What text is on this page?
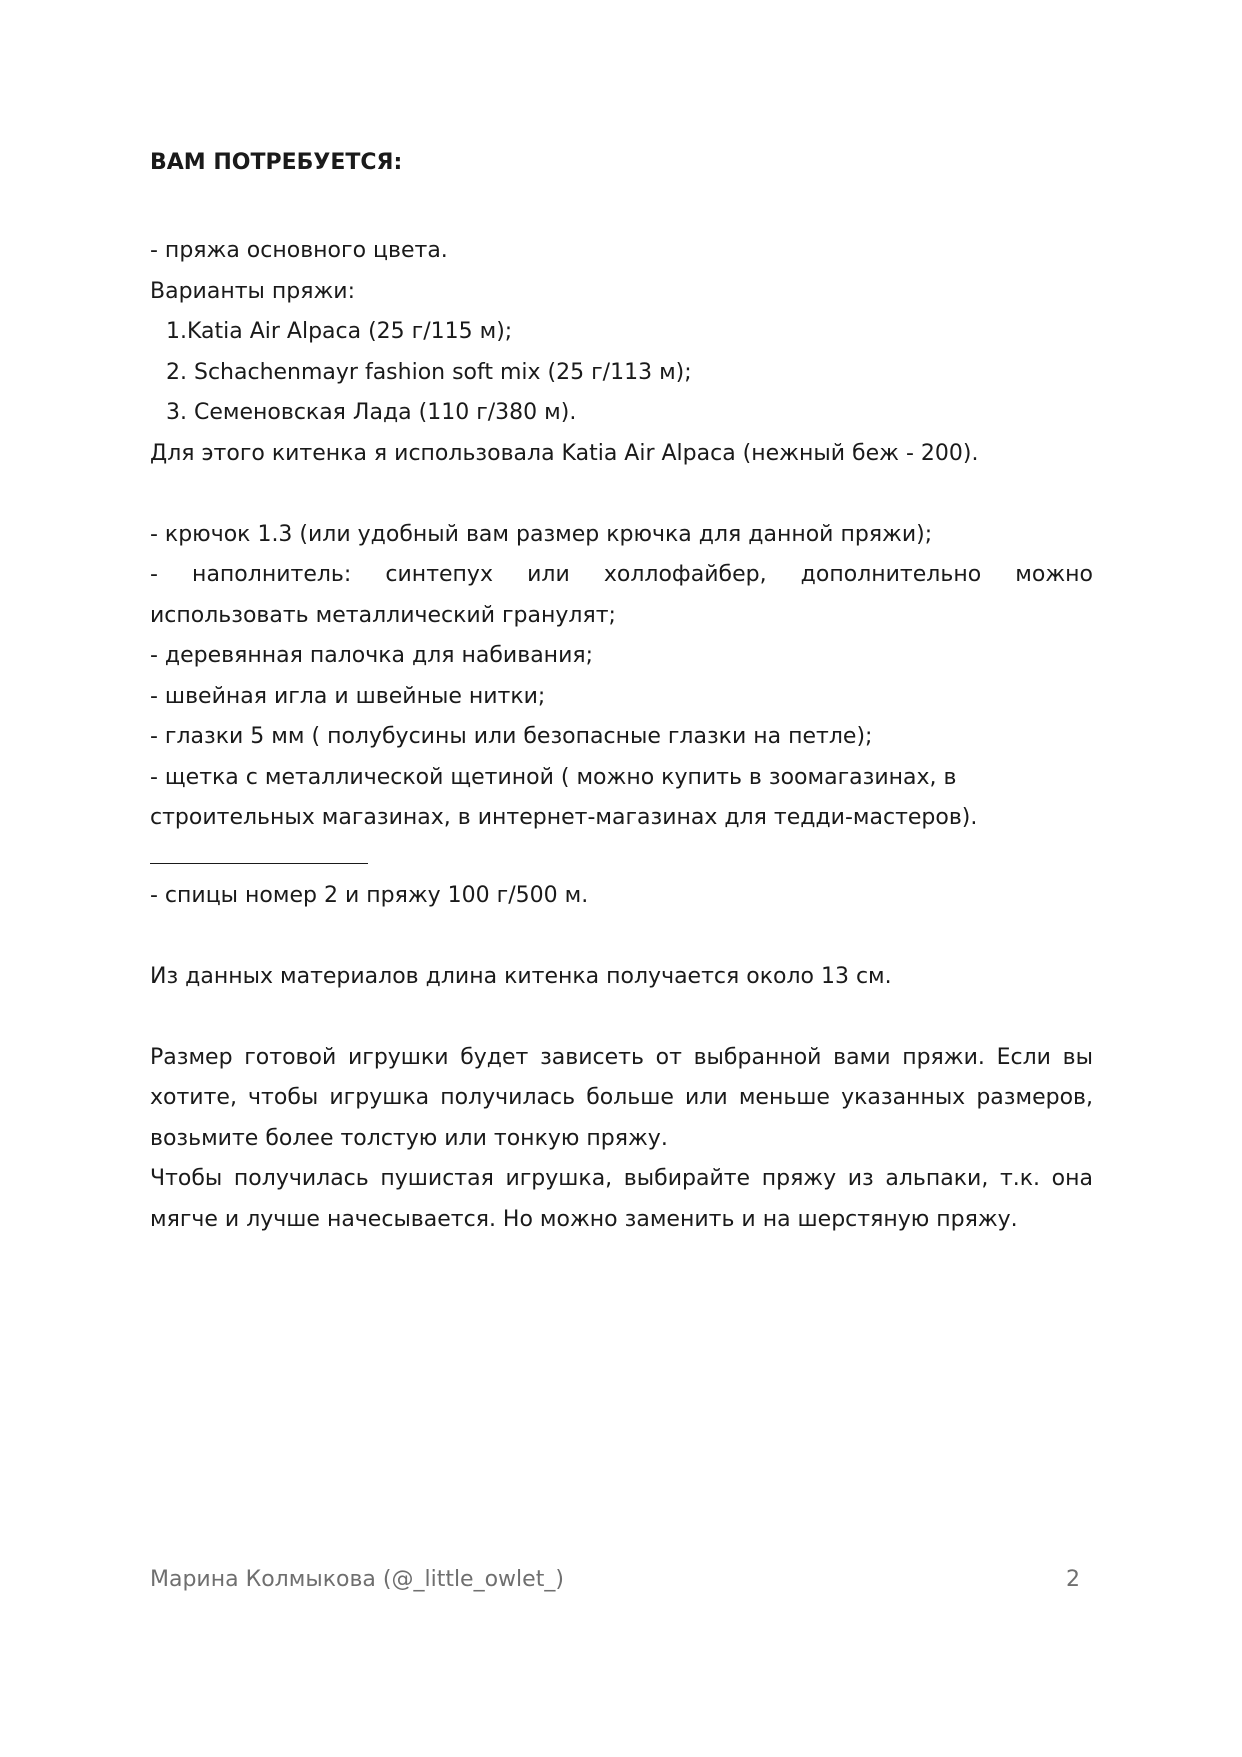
ВАМ ПОТРЕБУЕТСЯ:
- пряжа основного цвета.
Варианты пряжи:
1.Katia Air Alpaca (25 г/115 м);
2. Schachenmayr fashion soft mix (25 г/113 м);
3. Семеновская Лада (110 г/380 м).
Для этого китенка я использовала Katia Air Alpaca (нежный беж - 200).
- крючок 1.3 (или удобный вам размер крючка для данной пряжи);
- наполнитель: синтепух или холлофайбер, дополнительно можно
использовать металлический гранулят;
- деревянная палочка для набивания;
- швейная игла и швейные нитки;
- глазки 5 мм ( полубусины или безопасные глазки на петле);
- щетка с металлической щетиной ( можно купить в зоомагазинах, в
строительных магазинах, в интернет-магазинах для тедди-мастеров).
- спицы номер 2 и пряжу 100 г/500 м.
Из данных материалов длина китенка получается около 13 см.
Размер готовой игрушки будет зависеть от выбранной вами пряжи. Если вы хотите, чтобы игрушка получилась больше или меньше указанных размеров, возьмите более толстую или тонкую пряжу.
Чтобы получилась пушистая игрушка, выбирайте пряжу из альпаки, т.к. она мягче и лучше начесывается. Но можно заменить и на шерстяную пряжу.
Марина Колмыкова (@_little_owlet_)	2
